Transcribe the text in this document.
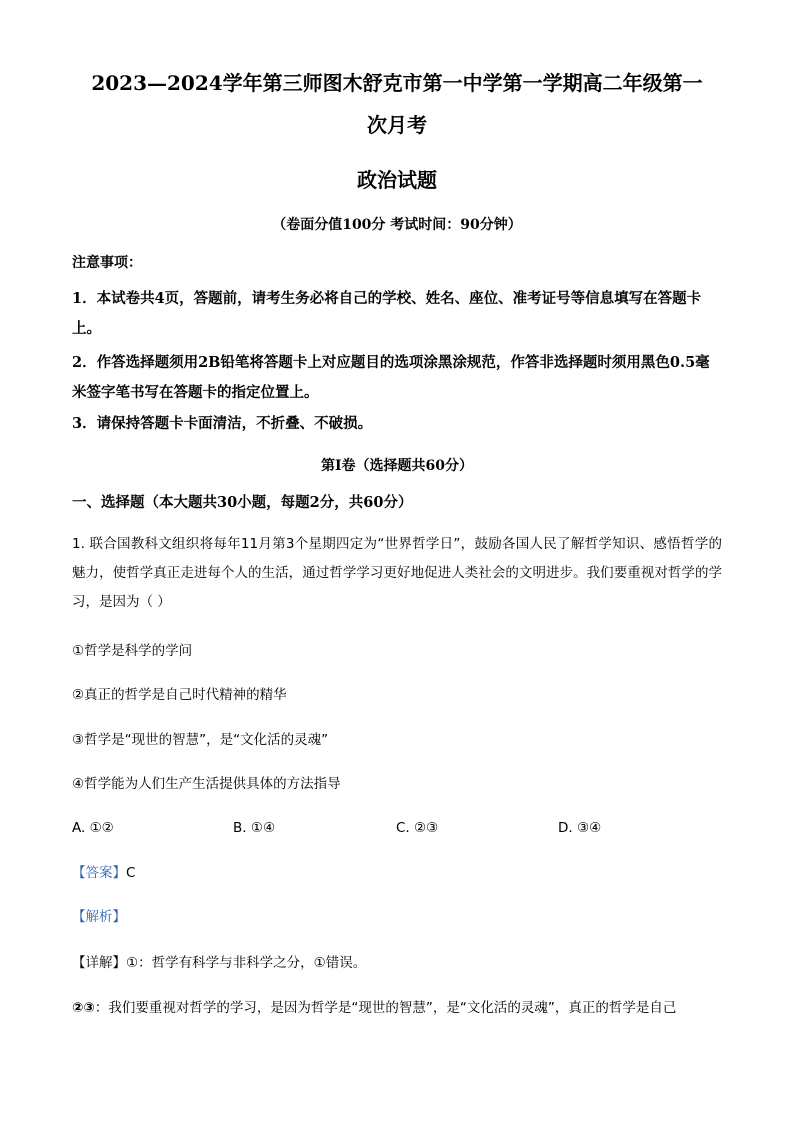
2023—2024学年第三师图木舒克市第一中学第一学期高二年级第一
次月考
政治试题
（卷面分值100分 考试时间：90分钟）
注意事项：
1．本试卷共4页，答题前，请考生务必将自己的学校、姓名、座位、准考证号等信息填写在答题卡上。
2．作答选择题须用2B铅笔将答题卡上对应题目的选项涂黑涂规范，作答非选择题时须用黑色0.5毫米签字笔书写在答题卡的指定位置上。
3．请保持答题卡卡面清洁，不折叠、不破损。
第Ⅰ卷（选择题共60分）
一、选择题（本大题共30小题，每题2分，共60分）
1. 联合国教科文组织将每年11月第3个星期四定为“世界哲学日”，鼓励各国人民了解哲学知识、感悟哲学的魅力，使哲学真正走进每个人的生活，通过哲学学习更好地促进人类社会的文明进步。我们要重视对哲学的学习，是因为（ ）
①哲学是科学的学问
②真正的哲学是自己时代精神的精华
③哲学是“现世的智慧”，是“文化活的灵魂”
④哲学能为人们生产生活提供具体的方法指导
A. ①②	B. ①④	C. ②③	D. ③④
【答案】C
【解析】
【详解】①：哲学有科学与非科学之分，①错误。
②③：我们要重视对哲学的学习，是因为哲学是“现世的智慧”，是“文化活的灵魂”，真正的哲学是自己
